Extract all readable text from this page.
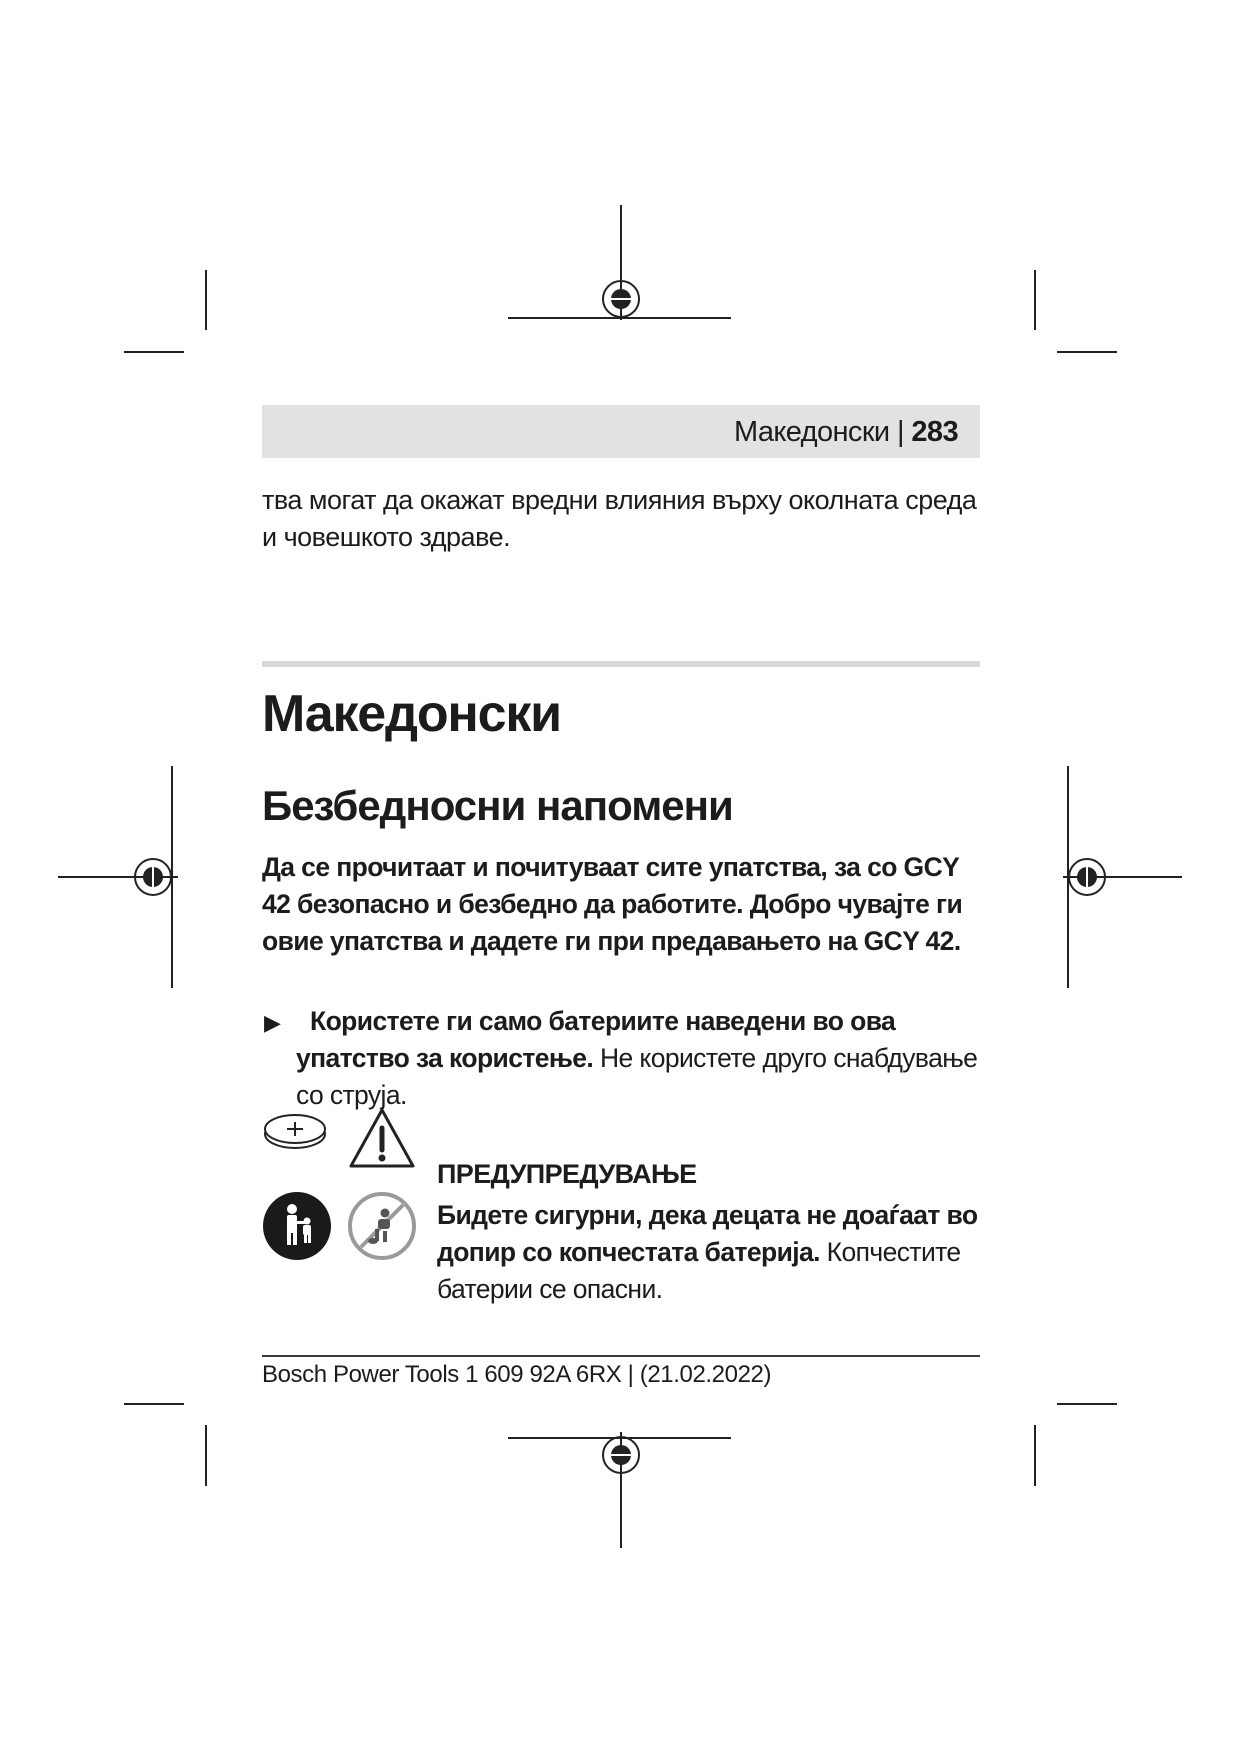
Македонски | 283
тва могат да окажат вредни влияния върху околната среда и човешкото здраве.
Македонски
Безбедносни напомени
Да се прочитаат и почитуваат сите упатства, за со GCY 42 безопасно и безбедно да работите. Добро чувајте ги овие упатства и дадете ги при предавањето на GCY 42.
▶	Користете ги само батериите наведени во ова упатство за користење. Не користете друго снабдување со струја.
ПРЕДУПРЕДУВАЊЕ
Бидете сигурни, дека децата не доаѓаат во допир со копчестата батерија. Копчестите батерии се опасни.
Bosch Power Tools 1 609 92A 6RX | (21.02.2022)
